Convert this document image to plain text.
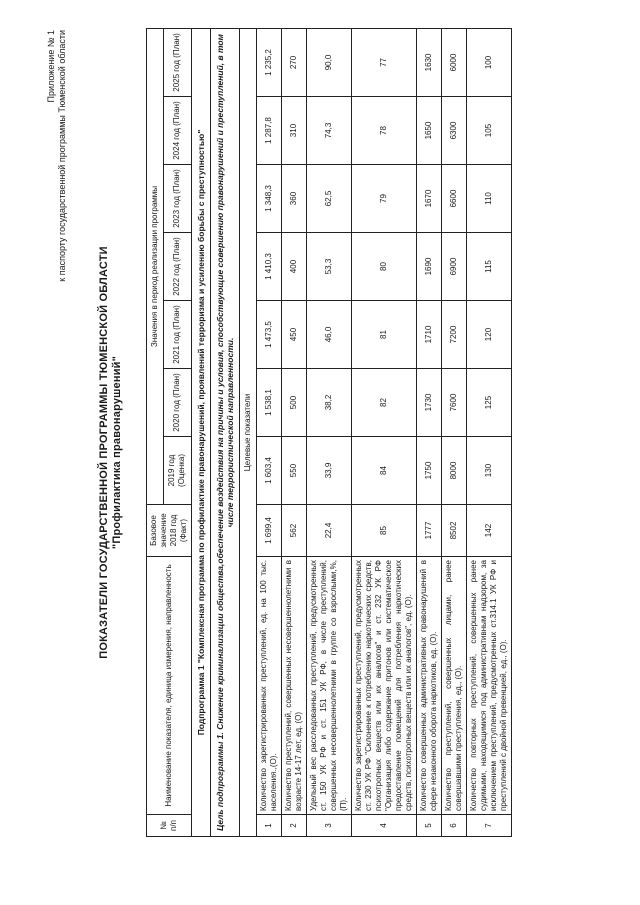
Приложение № 1 к паспорту государственной программы Тюменской области
ПОКАЗАТЕЛИ ГОСУДАРСТВЕННОЙ ПРОГРАММЫ ТЮМЕНСКОЙ ОБЛАСТИ "Профилактика правонарушений"
№ п/п	Наименование показателя, единица измерения, направленность	Базовое значение 2018 год (Факт)	Значения в период реализации программы						
			2019 год (Оценка)	2020 год (План)	2021 год (План)	2022 год (План)	2023 год (План)	2024 год (План)	2025 год (План)
Подпрограмма 1 "Комплексная программа по профилактике правонарушений, проявлений терроризма и усилению борьбы с преступностью"									
Цель подпрограммы 1. Снижение криминализации общества,обеспечение воздействия на причины и условия, способствующие совершению правонарушений и преступлений, в том числе террористической направленности.									
Целевые показатели									
1	Количество зарегистрированных преступлений, ед. на 100 тыс. населения.,(О).	1 699,4	1 603,4	1 538,1	1 473,5	1 410,3	1 348,3	1 287,8	1 235,2
2	Количество преступлений, совершенных несовершеннолетними в возрасте 14-17 лет, ед. (О)	562	550	500	450	400	360	310	270
3	Удельный вес расследованных преступлений, предусмотренных ст. 150 УК РФ и ст. 151 УК РФ, в числе преступлений, совершенных несовершеннолетними в группе со взрослыми,%, (П).	22,4	33,9	38,2	46,0	53,3	62,5	74,3	90,0
4	Количество зарегистрированных преступлений, предусмотренных ст. 230 УК РФ "Склонение к потреблению наркотических средств, психотропных веществ или их аналогов" и ст. 232 УК РФ "Организация либо содержание притонов или систематическое предоставление помещений для потребления наркотических средств, психотропных веществ или их аналогов", ед. (О).	85	84	82	81	80	79	78	77
5	Количество совершенных административных правонарушений в сфере незаконного оборота наркотиков, ед. (О).	1777	1750	1730	1710	1690	1670	1650	1630
6	Количество преступлений, совершенных лицами, ранее совершавшими преступления, ед., (О).	8502	8000	7600	7200	6900	6600	6300	6000
7	Количество повторных преступлений, совершенных ранее судимыми, находящимися под административным надзором, за исключением преступлений, предусмотренных ст.314.1 УК РФ и преступлений с двойной превенцией, ед., (О).	142	130	125	120	115	110	105	100
